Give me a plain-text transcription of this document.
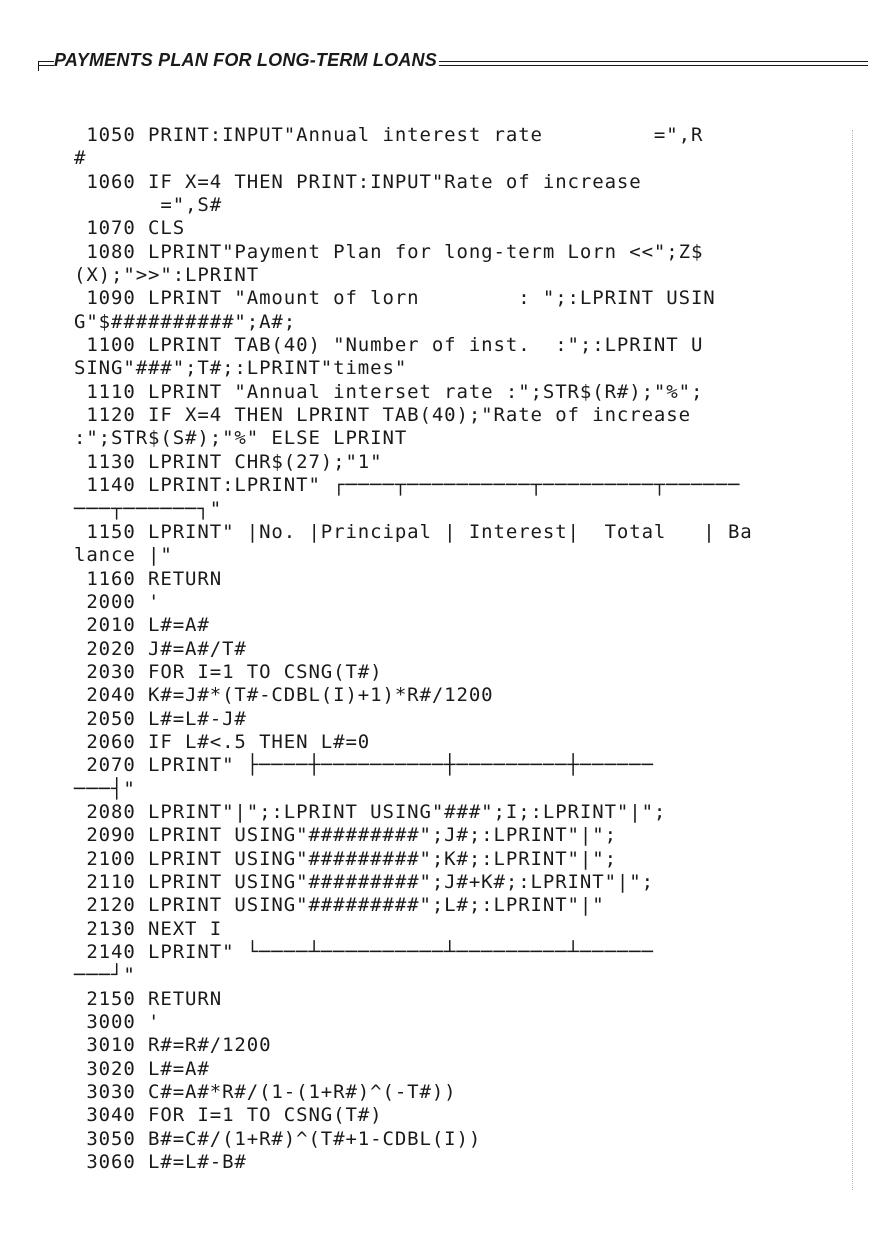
PAYMENTS PLAN FOR LONG-TERM LOANS
1050 PRINT:INPUT"Annual interest rate         =",R
#
1060 IF X=4 THEN PRINT:INPUT"Rate of increase
=",S#
1070 CLS
1080 LPRINT"Payment Plan for long-term Lorn <<";Z$
(X);">>":LPRINT
1090 LPRINT "Amount of lorn        : ";:LPRINT USIN
G"$##########";A#;
1100 LPRINT TAB(40) "Number of inst.  :";:LPRINT U
SING"###";T#;:LPRINT"times"
1110 LPRINT "Annual interset rate :";STR$(R#);"%";
1120 IF X=4 THEN LPRINT TAB(40);"Rate of increase
:";STR$(S#);"%" ELSE LPRINT
1130 LPRINT CHR$(27);"1"
1140 LPRINT:LPRINT" ┌────┬──────────┬─────────┬──────
───┬──────┐"
1150 LPRINT" |No. |Principal | Interest|  Total   | Ba
lance |"
1160 RETURN
2000 '
2010 L#=A#
2020 J#=A#/T#
2030 FOR I=1 TO CSNG(T#)
2040 K#=J#*(T#-CDBL(I)+1)*R#/1200
2050 L#=L#-J#
2060 IF L#<.5 THEN L#=0
2070 LPRINT" ├────┼──────────┼─────────┼──────
───┤"
2080 LPRINT"|";:LPRINT USING"###";I;:LPRINT"|";
2090 LPRINT USING"#########";J#;:LPRINT"|";
2100 LPRINT USING"#########";K#;:LPRINT"|";
2110 LPRINT USING"#########";J#+K#;:LPRINT"|";
2120 LPRINT USING"#########";L#;:LPRINT"|"
2130 NEXT I
2140 LPRINT" └────┴──────────┴─────────┴──────
───┘"
2150 RETURN
3000 '
3010 R#=R#/1200
3020 L#=A#
3030 C#=A#*R#/(1-(1+R#)^(-T#))
3040 FOR I=1 TO CSNG(T#)
3050 B#=C#/(1+R#)^(T#+1-CDBL(I))
3060 L#=L#-B#
